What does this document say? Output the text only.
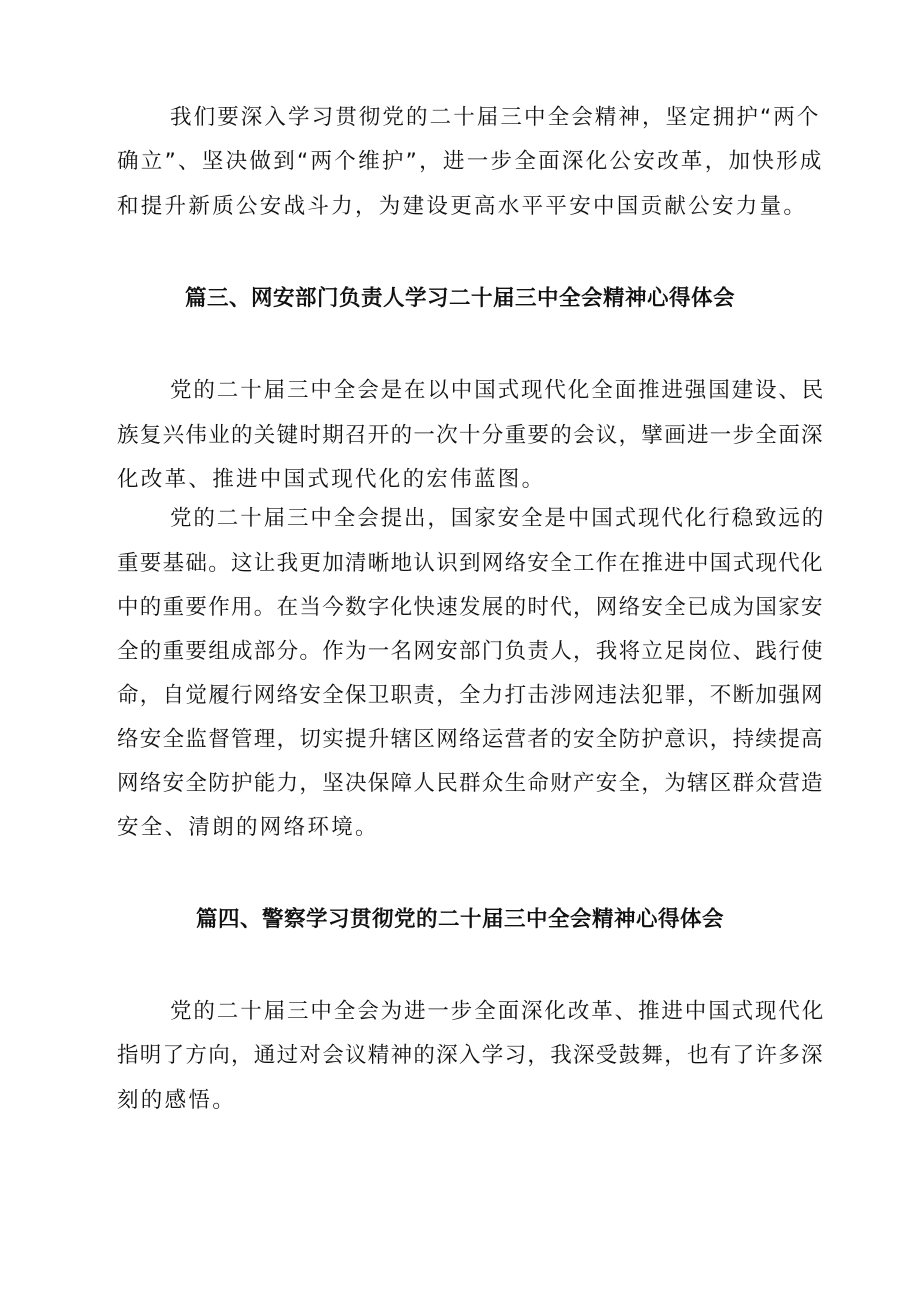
我们要深入学习贯彻党的二十届三中全会精神，坚定拥护“两个
确立”、坚决做到“两个维护”，进一步全面深化公安改革，加快形成
和提升新质公安战斗力，为建设更高水平平安中国贡献公安力量。
篇三、网安部门负责人学习二十届三中全会精神心得体会
党的二十届三中全会是在以中国式现代化全面推进强国建设、民
族复兴伟业的关键时期召开的一次十分重要的会议，擘画进一步全面深
化改革、推进中国式现代化的宏伟蓝图。
党的二十届三中全会提出，国家安全是中国式现代化行稳致远的
重要基础。这让我更加清晰地认识到网络安全工作在推进中国式现代化
中的重要作用。在当今数字化快速发展的时代，网络安全已成为国家安
全的重要组成部分。作为一名网安部门负责人，我将立足岗位、践行使
命，自觉履行网络安全保卫职责，全力打击涉网违法犯罪，不断加强网
络安全监督管理，切实提升辖区网络运营者的安全防护意识，持续提高
网络安全防护能力，坚决保障人民群众生命财产安全，为辖区群众营造
安全、清朗的网络环境。
篇四、警察学习贯彻党的二十届三中全会精神心得体会
党的二十届三中全会为进一步全面深化改革、推进中国式现代化
指明了方向，通过对会议精神的深入学习，我深受鼓舞，也有了许多深
刻的感悟。
